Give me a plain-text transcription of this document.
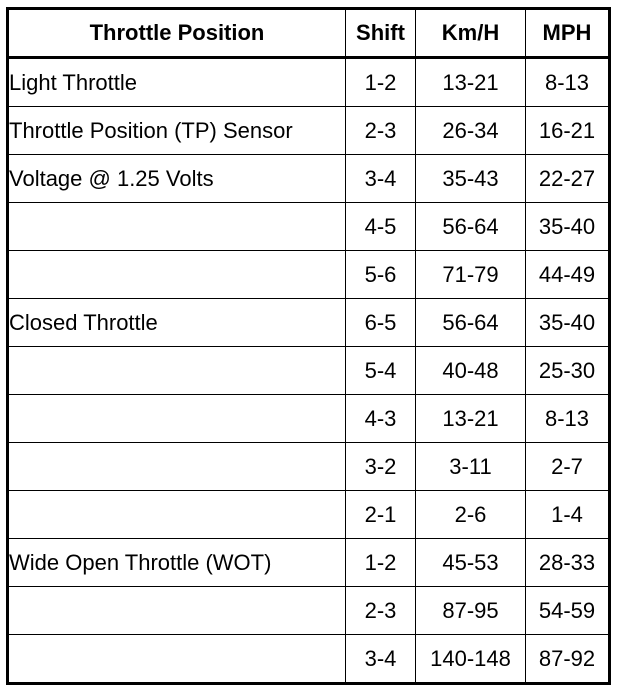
Throttle Position	Shift	Km/H	MPH
Light Throttle	1-2	13-21	8-13
Throttle Position (TP) Sensor	2-3	26-34	16-21
Voltage @ 1.25 Volts	3-4	35-43	22-27
	4-5	56-64	35-40
	5-6	71-79	44-49
Closed Throttle	6-5	56-64	35-40
	5-4	40-48	25-30
	4-3	13-21	8-13
	3-2	3-11	2-7
	2-1	2-6	1-4
Wide Open Throttle (WOT)	1-2	45-53	28-33
	2-3	87-95	54-59
	3-4	140-148	87-92
